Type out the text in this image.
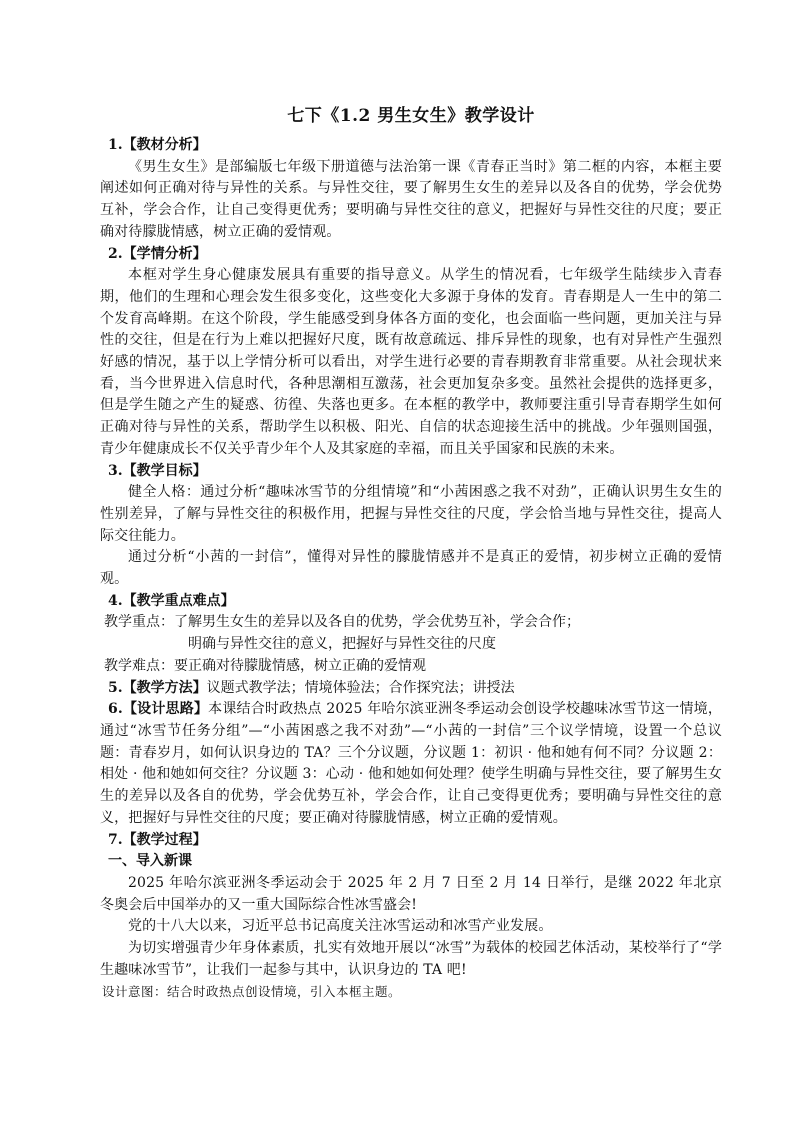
七下《1.2 男生女生》教学设计

1.【教材分析】

《男生女生》是部编版七年级下册道德与法治第一课《青春正当时》第二框的内容，本框主要阐述如何正确对待与异性的关系。与异性交往，要了解男生女生的差异以及各自的优势，学会优势互补，学会合作，让自己变得更优秀；要明确与异性交往的意义，把握好与异性交往的尺度；要正确对待朦胧情感，树立正确的爱情观。

2.【学情分析】

本框对学生身心健康发展具有重要的指导意义。从学生的情况看，七年级学生陆续步入青春期，他们的生理和心理会发生很多变化，这些变化大多源于身体的发育。青春期是人一生中的第二个发育高峰期。在这个阶段，学生能感受到身体各方面的变化，也会面临一些问题，更加关注与异性的交往，但是在行为上难以把握好尺度，既有故意疏远、排斥异性的现象，也有对异性产生强烈好感的情况，基于以上学情分析可以看出，对学生进行必要的青春期教育非常重要。从社会现状来看，当今世界进入信息时代，各种思潮相互激荡，社会更加复杂多变。虽然社会提供的选择更多，但是学生随之产生的疑惑、彷徨、失落也更多。在本框的教学中，教师要注重引导青春期学生如何正确对待与异性的关系，帮助学生以积极、阳光、自信的状态迎接生活中的挑战。少年强则国强，青少年健康成长不仅关乎青少年个人及其家庭的幸福，而且关乎国家和民族的未来。

3.【教学目标】

健全人格：通过分析“趣味冰雪节的分组情境”和“小茜困惑之我不对劲”，正确认识男生女生的性别差异，了解与异性交往的积极作用，把握与异性交往的尺度，学会恰当地与异性交往，提高人际交往能力。

通过分析“小茜的一封信”，懂得对异性的朦胧情感并不是真正的爱情，初步树立正确的爱情观。

4.【教学重点难点】

教学重点：了解男生女生的差异以及各自的优势，学会优势互补，学会合作；

明确与异性交往的意义，把握好与异性交往的尺度

教学难点：要正确对待朦胧情感，树立正确的爱情观

5.【教学方法】议题式教学法；情境体验法；合作探究法；讲授法

6.【设计思路】本课结合时政热点 2025 年哈尔滨亚洲冬季运动会创设学校趣味冰雪节这一情境，通过“冰雪节任务分组”—“小茜困惑之我不对劲”—“小茜的一封信”三个议学情境，设置一个总议题：青春岁月，如何认识身边的 TA？三个分议题，分议题 1：初识 · 他和她有何不同？分议题 2：相处 · 他和她如何交往？分议题 3：心动 · 他和她如何处理？使学生明确与异性交往，要了解男生女生的差异以及各自的优势，学会优势互补，学会合作，让自己变得更优秀；要明确与异性交往的意义，把握好与异性交往的尺度；要正确对待朦胧情感，树立正确的爱情观。

7.【教学过程】

一、导入新课

2025 年哈尔滨亚洲冬季运动会于 2025 年 2 月 7 日至 2 月 14 日举行，是继 2022 年北京冬奥会后中国举办的又一重大国际综合性冰雪盛会!

党的十八大以来，习近平总书记高度关注冰雪运动和冰雪产业发展。

为切实增强青少年身体素质，扎实有效地开展以“冰雪”为载体的校园艺体活动，某校举行了“学生趣味冰雪节”，让我们一起参与其中，认识身边的 TA 吧!

设计意图：结合时政热点创设情境，引入本框主题。
